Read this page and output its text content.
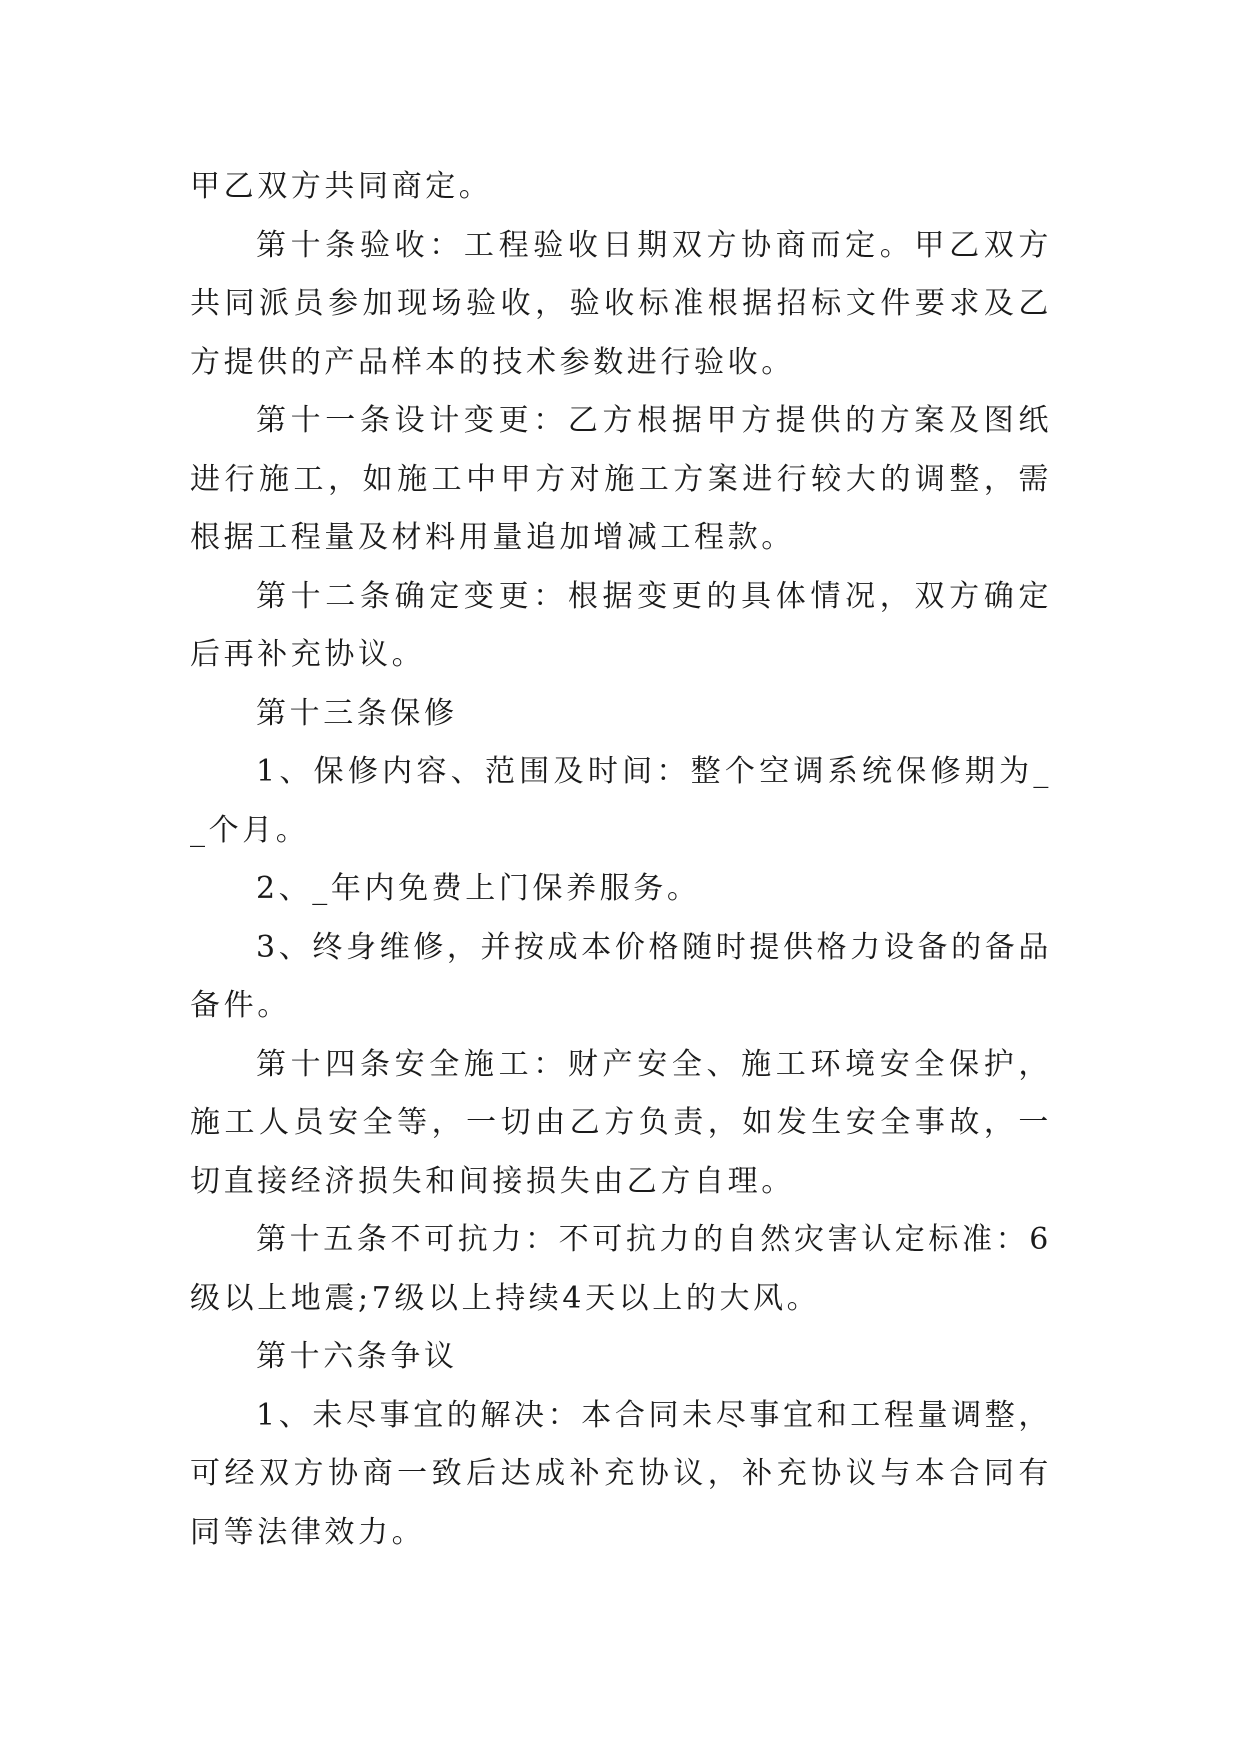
甲乙双方共同商定。

第十条验收：工程验收日期双方协商而定。甲乙双方共同派员参加现场验收，验收标准根据招标文件要求及乙方提供的产品样本的技术参数进行验收。

第十一条设计变更：乙方根据甲方提供的方案及图纸进行施工，如施工中甲方对施工方案进行较大的调整，需根据工程量及材料用量追加增减工程款。

第十二条确定变更：根据变更的具体情况，双方确定后再补充协议。

第十三条保修

1、保修内容、范围及时间：整个空调系统保修期为__个月。

2、_年内免费上门保养服务。

3、终身维修，并按成本价格随时提供格力设备的备品备件。

第十四条安全施工：财产安全、施工环境安全保护，施工人员安全等，一切由乙方负责，如发生安全事故，一切直接经济损失和间接损失由乙方自理。

第十五条不可抗力：不可抗力的自然灾害认定标准：6级以上地震;7级以上持续4天以上的大风。

第十六条争议

1、未尽事宜的解决：本合同未尽事宜和工程量调整，可经双方协商一致后达成补充协议，补充协议与本合同有同等法律效力。
